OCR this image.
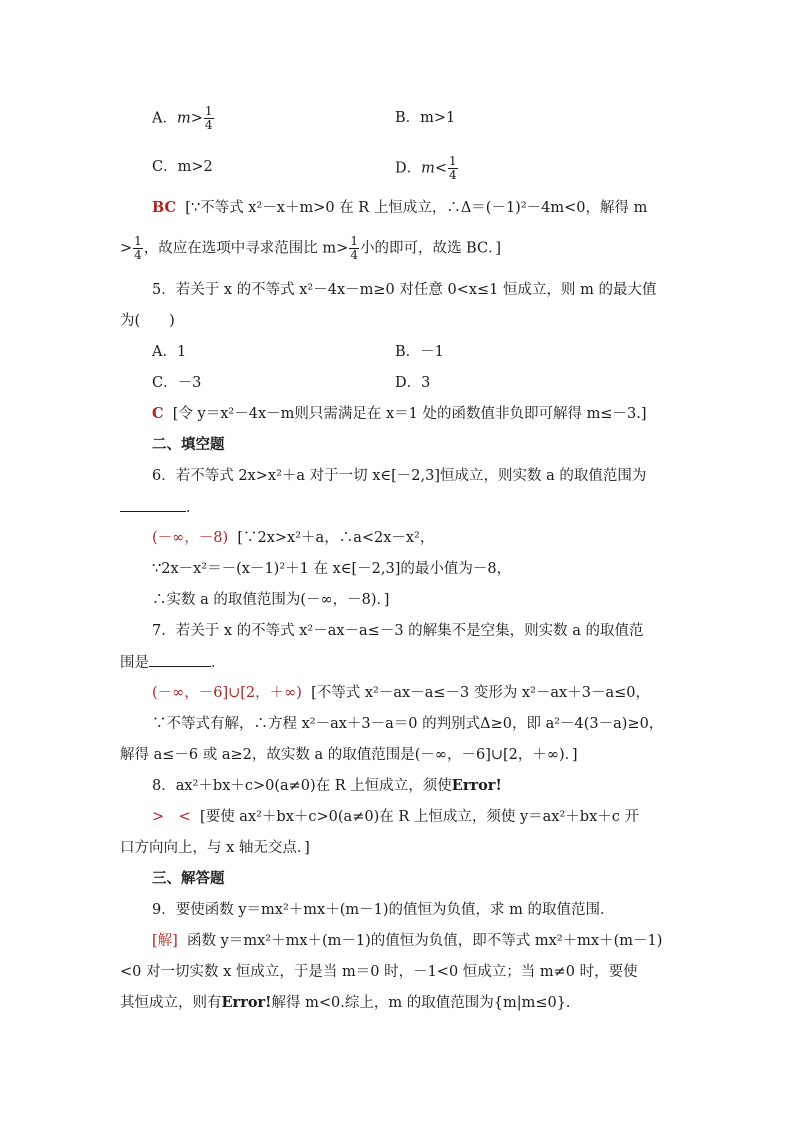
A．$m> \frac{1}{4}$	B．m>1
C．m>2	D．$m< \frac{1}{4}$
BC [∵不等式 x²－x＋m>0 在 R 上恒成立，∴Δ＝(－1)²－4m<0，解得 m
> $\frac{1}{4}$ ，故应在选项中寻求范围比 $m> \frac{1}{4}$ 小的即可，故选 BC．]
5．若关于 x 的不等式 x²－4x－m≥0 对任意 0<x≤1 恒成立，则 m 的最大值
为(　　)
A．1	B．－1
C．－3	D．3
C [令 y＝x²－4x－m则只需满足在 x＝1 处的函数值非负即可解得 m≤－3.]
二、填空题
6．若不等式 2x>x²＋a 对于一切 x∈[－2,3]恒成立，则实数 a 的取值范围为
．
(－∞，－8) [∵2x>x²＋a，∴a<2x－x²，
∵2x－x²＝－(x－1)²＋1 在 x∈[－2,3]的最小值为－8，
∴实数 a 的取值范围为(－∞，－8)．]
7．若关于 x 的不等式 x²－ax－a≤－3 的解集不是空集，则实数 a 的取值范
围是	．
(－∞，－6]∪[2，＋∞) [不等式 x²－ax－a≤－3 变形为 x²－ax＋3－a≤0，
∵不等式有解，∴方程 x²－ax＋3－a＝0 的判别式Δ≥0，即 a²－4(3－a)≥0，
解得 a≤－6 或 a≥2，故实数 a 的取值范围是(－∞，－6]∪[2，＋∞)．]
8．ax²＋bx＋c>0(a≠0)在 R 上恒成立，须使Error!
>　< [要使 ax²＋bx＋c>0(a≠0)在 R 上恒成立，须使 y＝ax²＋bx＋c 开
口方向向上，与 x 轴无交点．]
三、解答题
9．要使函数 y＝mx²＋mx＋(m－1)的值恒为负值，求 m 的取值范围．
[解] 函数 y＝mx²＋mx＋(m－1)的值恒为负值，即不等式 mx²＋mx＋(m－1)
<0 对一切实数 x 恒成立，于是当 m＝0 时，－1<0 恒成立；当 m≠0 时，要使
其恒成立，则有Error!解得 m<0.综上，m 的取值范围为{m|m≤0}．
